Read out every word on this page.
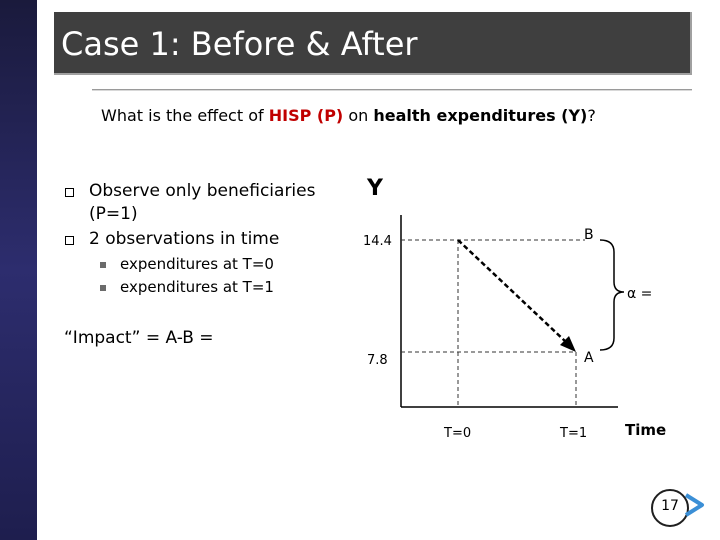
Case 1: Before & After
What is the effect of HISP (P) on health expenditures (Y)?
Observe only beneficiaries
(P=1)
2 observations in time
expenditures at T=0
expenditures at T=1
“Impact” = A-B =
Y
Time
14.4
7.8
T=0	T=1
B
A
α =
17
